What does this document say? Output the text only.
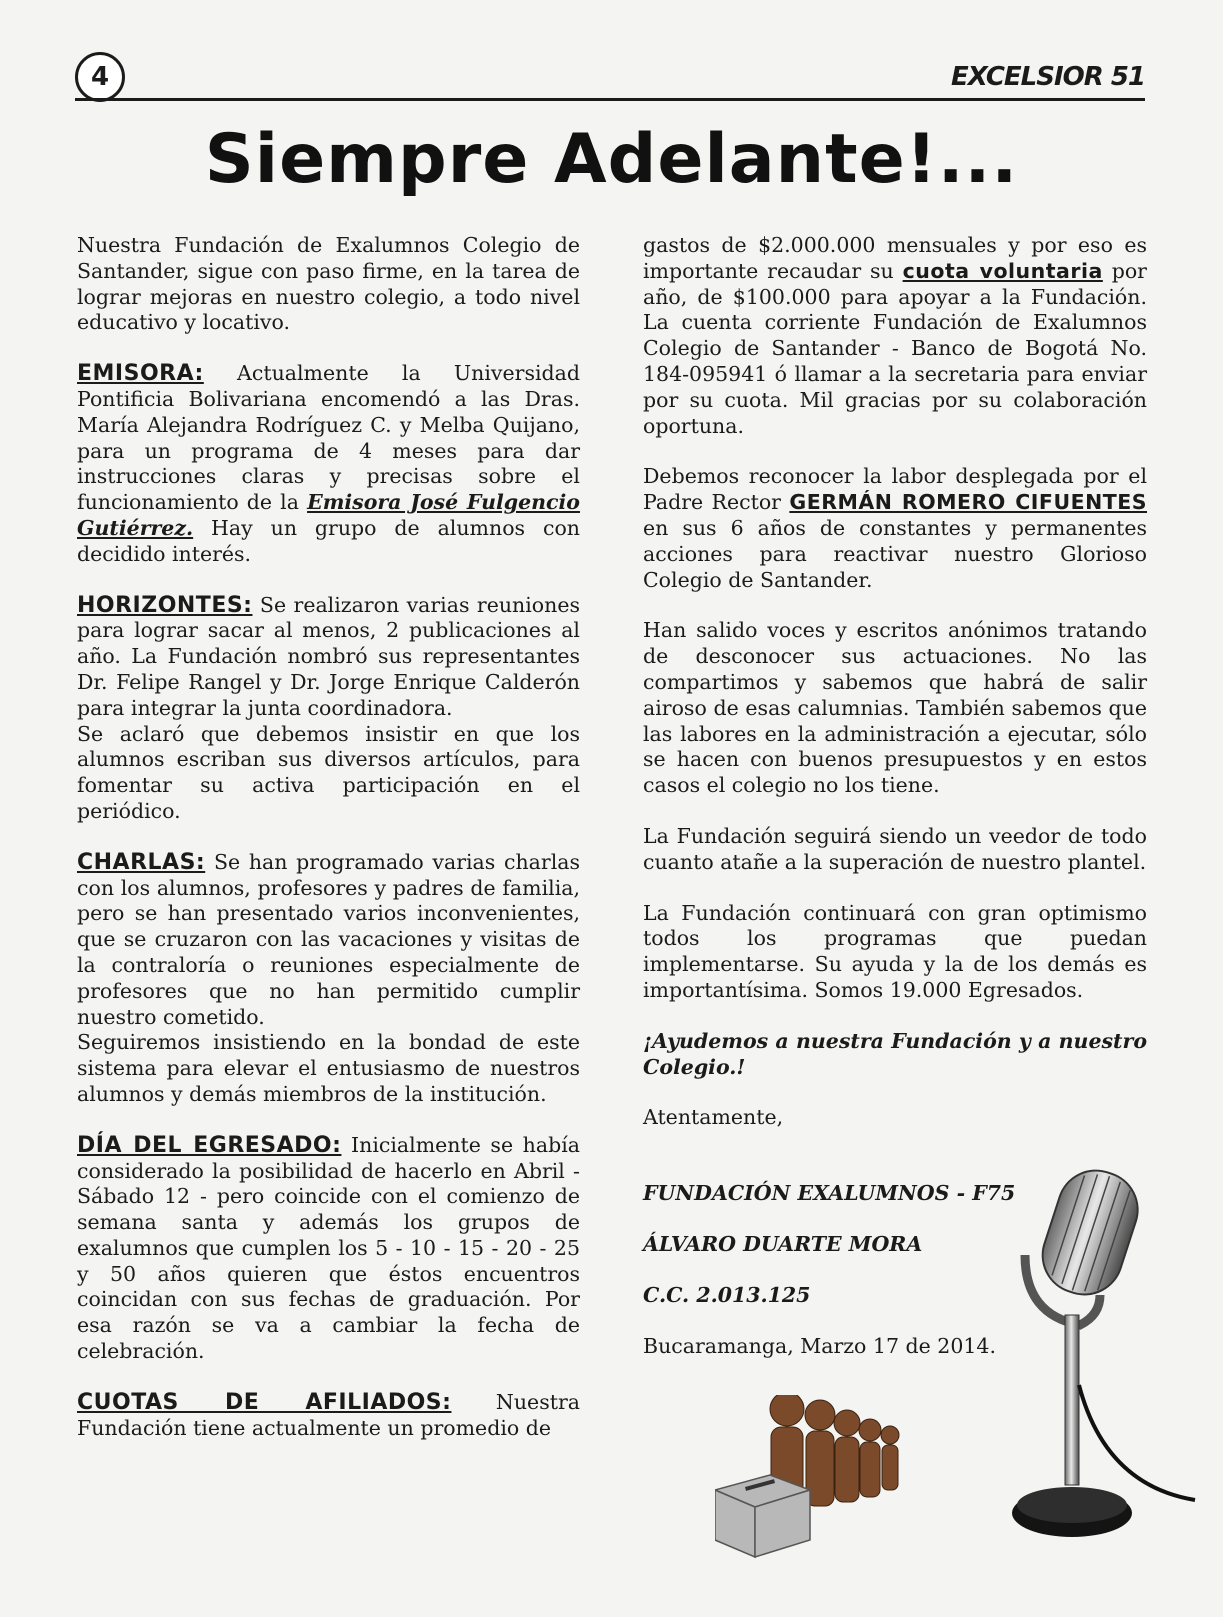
4	EXCELSIOR 51
Siempre Adelante!...

Nuestra Fundación de Exalumnos Colegio de Santander, sigue con paso firme, en la tarea de lograr mejoras en nuestro colegio, a todo nivel educativo y locativo.

EMISORA: Actualmente la Universidad Pontificia Bolivariana encomendó a las Dras. María Alejandra Rodríguez C. y Melba Quijano, para un programa de 4 meses para dar instrucciones claras y precisas sobre el funcionamiento de la Emisora José Fulgencio Gutiérrez. Hay un grupo de alumnos con decidido interés.

HORIZONTES: Se realizaron varias reuniones para lograr sacar al menos, 2 publicaciones al año. La Fundación nombró sus representantes Dr. Felipe Rangel y Dr. Jorge Enrique Calderón para integrar la junta coordinadora.

Se aclaró que debemos insistir en que los alumnos escriban sus diversos artículos, para fomentar su activa participación en el periódico.

CHARLAS: Se han programado varias charlas con los alumnos, profesores y padres de familia, pero se han presentado varios inconvenientes, que se cruzaron con las vacaciones y visitas de la contraloría o reuniones especialmente de profesores que no han permitido cumplir nuestro cometido.

Seguiremos insistiendo en la bondad de este sistema para elevar el entusiasmo de nuestros alumnos y demás miembros de la institución.

DÍA DEL EGRESADO: Inicialmente se había considerado la posibilidad de hacerlo en Abril - Sábado 12 - pero coincide con el comienzo de semana santa y además los grupos de exalumnos que cumplen los 5 - 10 - 15 - 20 - 25 y 50 años quieren que éstos encuentros coincidan con sus fechas de graduación. Por esa razón se va a cambiar la fecha de celebración.

CUOTAS DE AFILIADOS: Nuestra Fundación tiene actualmente un promedio de

gastos de $2.000.000 mensuales y por eso es importante recaudar su cuota voluntaria por año, de $100.000 para apoyar a la Fundación. La cuenta corriente Fundación de Exalumnos Colegio de Santander - Banco de Bogotá No. 184-095941 ó llamar a la secretaria para enviar por su cuota. Mil gracias por su colaboración oportuna.

Debemos reconocer la labor desplegada por el Padre Rector GERMÁN ROMERO CIFUENTES en sus 6 años de constantes y permanentes acciones para reactivar nuestro Glorioso Colegio de Santander.

Han salido voces y escritos anónimos tratando de desconocer sus actuaciones. No las compartimos y sabemos que habrá de salir airoso de esas calumnias. También sabemos que las labores en la administración a ejecutar, sólo se hacen con buenos presupuestos y en estos casos el colegio no los tiene.

La Fundación seguirá siendo un veedor de todo cuanto atañe a la superación de nuestro plantel.

La Fundación continuará con gran optimismo todos los programas que puedan implementarse. Su ayuda y la de los demás es importantísima. Somos 19.000 Egresados.

¡Ayudemos a nuestra Fundación y a nuestro Colegio.!

Atentamente,

FUNDACIÓN EXALUMNOS - F75

ÁLVARO DUARTE MORA

C.C. 2.013.125

Bucaramanga, Marzo 17 de 2014.
